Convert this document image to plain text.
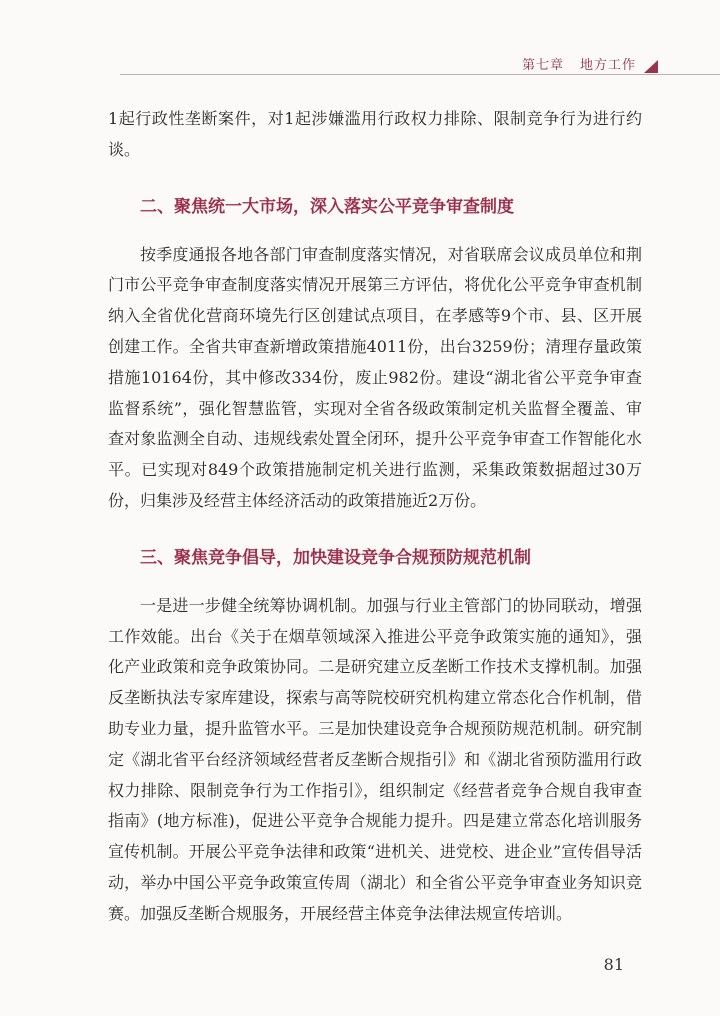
第七章 地方工作

1起行政性垄断案件，对1起涉嫌滥用行政权力排除、限制竞争行为进行约谈。

二、聚焦统一大市场，深入落实公平竞争审查制度

按季度通报各地各部门审查制度落实情况，对省联席会议成员单位和荆门市公平竞争审查制度落实情况开展第三方评估，将优化公平竞争审查机制纳入全省优化营商环境先行区创建试点项目，在孝感等9个市、县、区开展创建工作。全省共审查新增政策措施4011份，出台3259份；清理存量政策措施10164份，其中修改334份，废止982份。建设“湖北省公平竞争审查监督系统”，强化智慧监管，实现对全省各级政策制定机关监督全覆盖、审查对象监测全自动、违规线索处置全闭环，提升公平竞争审查工作智能化水平。已实现对849个政策措施制定机关进行监测，采集政策数据超过30万份，归集涉及经营主体经济活动的政策措施近2万份。

三、聚焦竞争倡导，加快建设竞争合规预防规范机制

一是进一步健全统筹协调机制。加强与行业主管部门的协同联动，增强工作效能。出台《关于在烟草领域深入推进公平竞争政策实施的通知》，强化产业政策和竞争政策协同。二是研究建立反垄断工作技术支撑机制。加强反垄断执法专家库建设，探索与高等院校研究机构建立常态化合作机制，借助专业力量，提升监管水平。三是加快建设竞争合规预防规范机制。研究制定《湖北省平台经济领域经营者反垄断合规指引》和《湖北省预防滥用行政权力排除、限制竞争行为工作指引》，组织制定《经营者竞争合规自我审查指南》(地方标准)，促进公平竞争合规能力提升。四是建立常态化培训服务宣传机制。开展公平竞争法律和政策“进机关、进党校、进企业”宣传倡导活动，举办中国公平竞争政策宣传周（湖北）和全省公平竞争审查业务知识竞赛。加强反垄断合规服务，开展经营主体竞争法律法规宣传培训。

81
